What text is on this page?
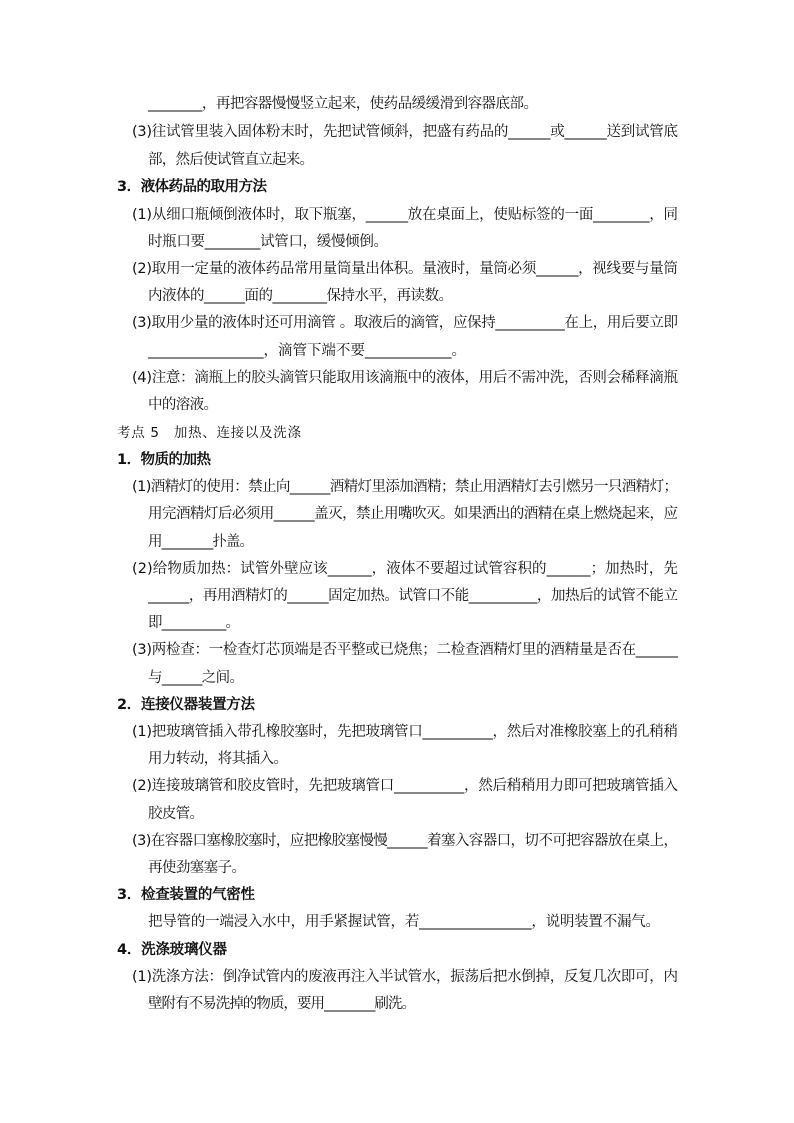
________，再把容器慢慢竖立起来，使药品缓缓滑到容器底部。
(3)往试管里装入固体粉末时，先把试管倾斜，把盛有药品的______或______送到试管底
部，然后使试管直立起来。
3．液体药品的取用方法
(1)从细口瓶倾倒液体时，取下瓶塞，______放在桌面上，使贴标签的一面________，同
时瓶口要________试管口，缓慢倾倒。
(2)取用一定量的液体药品常用量筒量出体积。量液时，量筒必须______，视线要与量筒
内液体的______面的________保持水平，再读数。
(3)取用少量的液体时还可用滴管 。取液后的滴管，应保持__________在上，用后要立即
________________，滴管下端不要____________。
(4)注意：滴瓶上的胶头滴管只能取用该滴瓶中的液体，用后不需冲洗，否则会稀释滴瓶
中的溶液。
考点 5　加热、连接以及洗涤
1．物质的加热
(1)酒精灯的使用：禁止向______酒精灯里添加酒精；禁止用酒精灯去引燃另一只酒精灯；
用完酒精灯后必须用______盖灭，禁止用嘴吹灭。如果洒出的酒精在桌上燃烧起来，应
用________扑盖。
(2)给物质加热：试管外壁应该______，液体不要超过试管容积的______；加热时，先
______，再用酒精灯的______固定加热。试管口不能__________，加热后的试管不能立
即__________。
(3)两检查：一检查灯芯顶端是否平整或已烧焦；二检查酒精灯里的酒精量是否在______
与______之间。
2．连接仪器装置方法
(1)把玻璃管插入带孔橡胶塞时，先把玻璃管口__________，然后对准橡胶塞上的孔稍稍
用力转动，将其插入。
(2)连接玻璃管和胶皮管时，先把玻璃管口__________，然后稍稍用力即可把玻璃管插入
胶皮管。
(3)在容器口塞橡胶塞时，应把橡胶塞慢慢______着塞入容器口，切不可把容器放在桌上，
再使劲塞塞子。
3．检查装置的气密性
把导管的一端浸入水中，用手紧握试管，若________________，说明装置不漏气。
4．洗涤玻璃仪器
(1)洗涤方法：倒净试管内的废液再注入半试管水，振荡后把水倒掉，反复几次即可，内
壁附有不易洗掉的物质，要用________刷洗。
